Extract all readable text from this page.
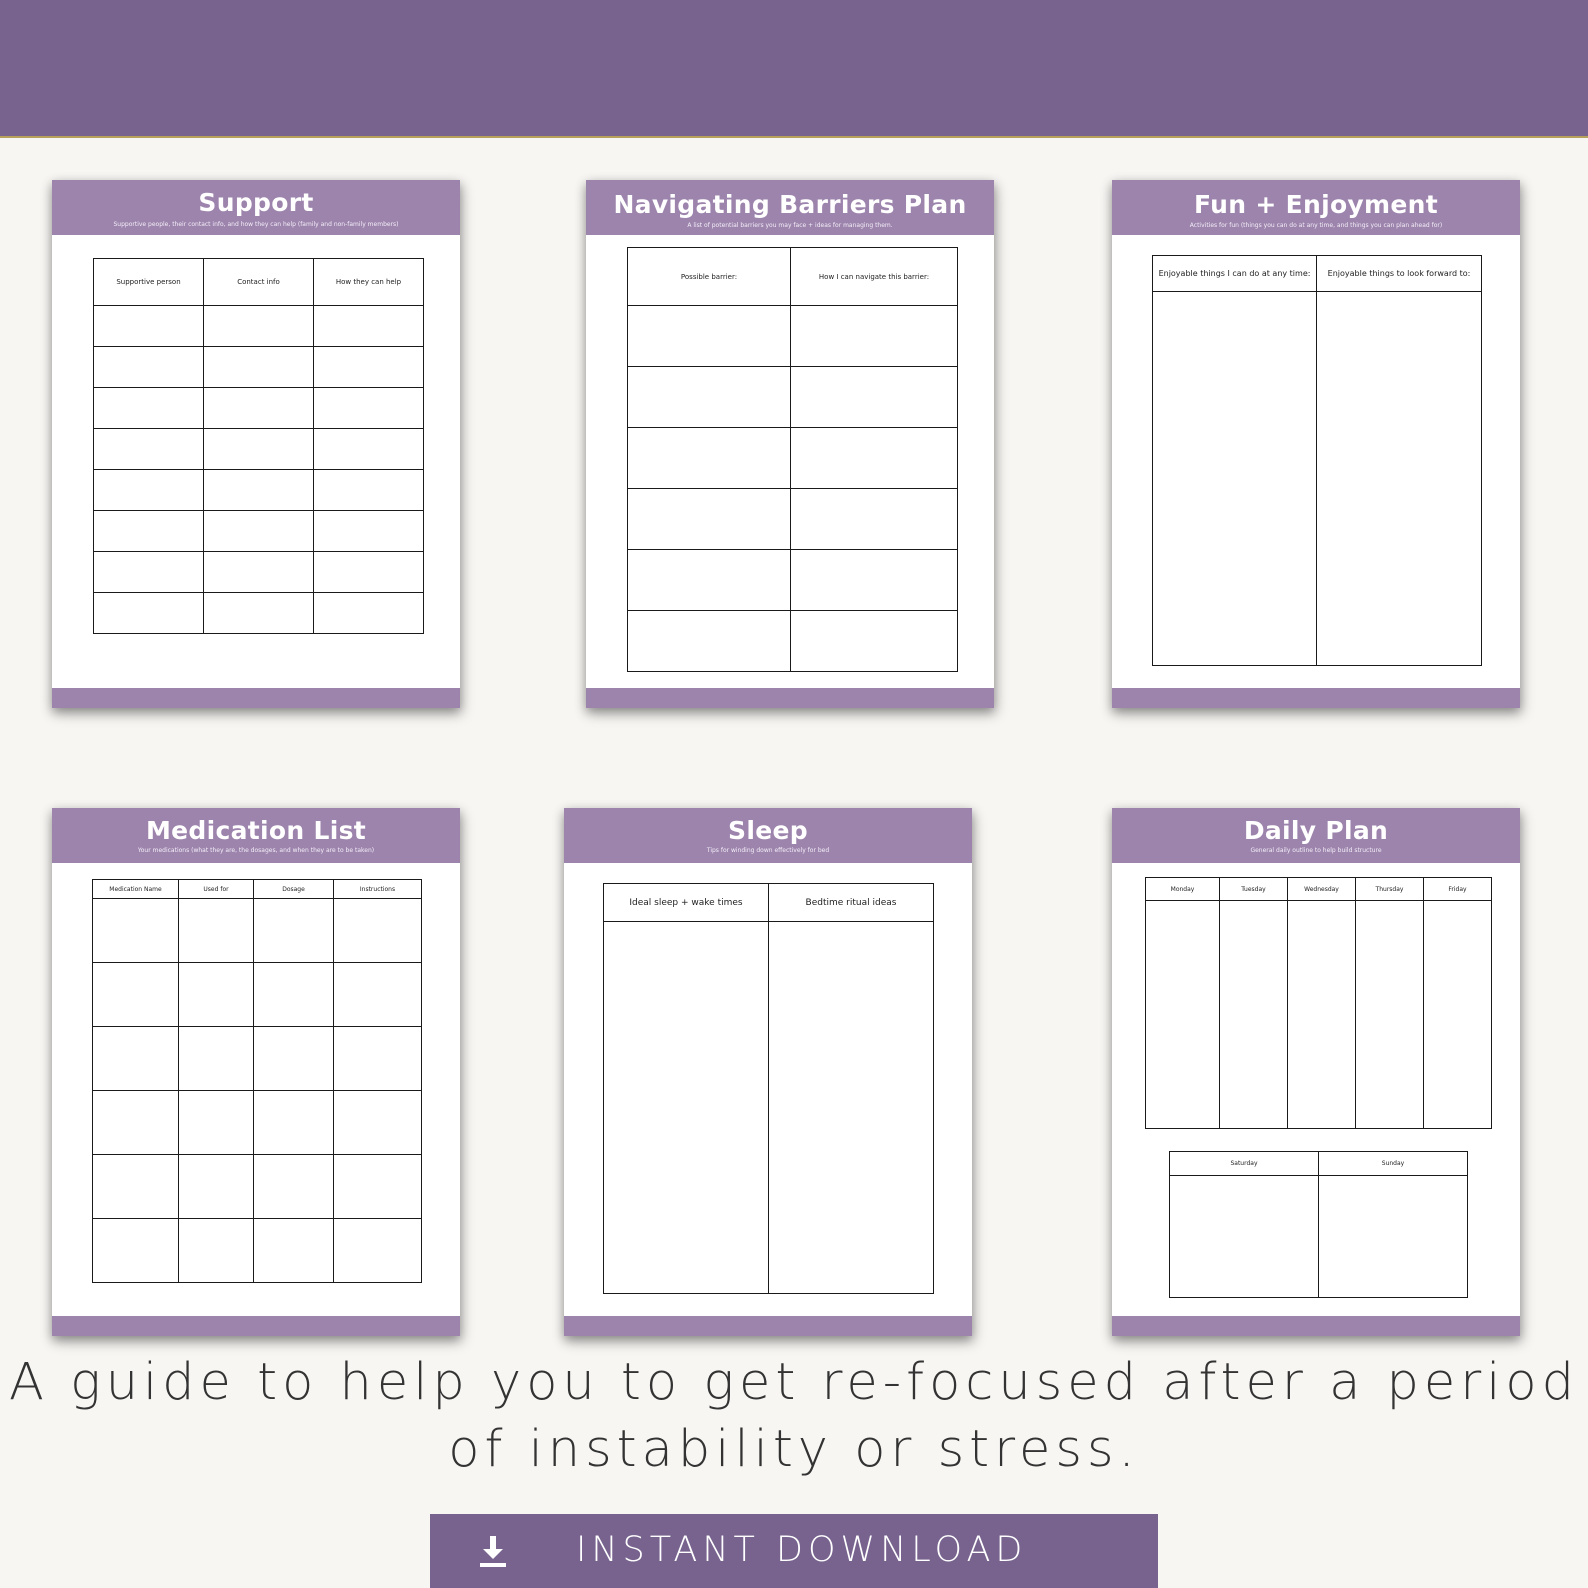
Support
Supportive people, their contact info, and how they can help (family and non-family members)
Supportive person	Contact info	How they can help

Navigating Barriers Plan
A list of potential barriers you may face + ideas for managing them.
Possible barrier:	How I can navigate this barrier:

Fun + Enjoyment
Activities for fun (things you can do at any time, and things you can plan ahead for)
Enjoyable things I can do at any time:	Enjoyable things to look forward to:

Medication List
Your medications (what they are, the dosages, and when they are to be taken)
Medication Name	Used for	Dosage	Instructions

Sleep
Tips for winding down effectively for bed
Ideal sleep + wake times	Bedtime ritual ideas

Daily Plan
General daily outline to help build structure
Monday	Tuesday	Wednesday	Thursday	Friday

Saturday	Sunday

A guide to help you to get re-focused after a period
of instability or stress.
INSTANT DOWNLOAD
